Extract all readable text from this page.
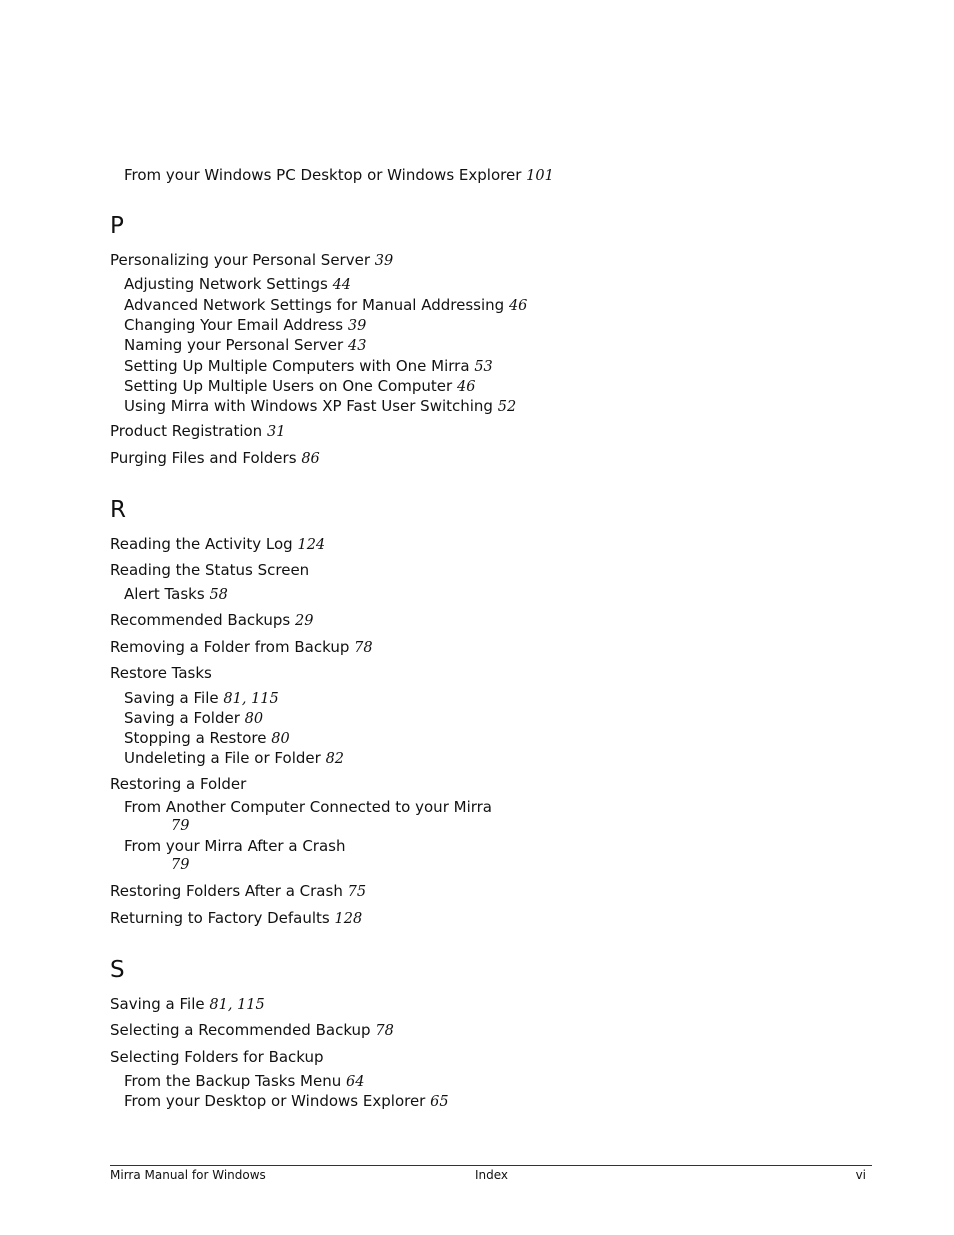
From your Windows PC Desktop or Windows Explorer 101
P
Personalizing your Personal Server 39
Adjusting Network Settings 44
Advanced Network Settings for Manual Addressing 46
Changing Your Email Address 39
Naming your Personal Server 43
Setting Up Multiple Computers with One Mirra 53
Setting Up Multiple Users on One Computer 46
Using Mirra with Windows XP Fast User Switching 52
Product Registration 31
Purging Files and Folders 86
R
Reading the Activity Log 124
Reading the Status Screen
Alert Tasks 58
Recommended Backups 29
Removing a Folder from Backup 78
Restore Tasks
Saving a File 81, 115
Saving a Folder 80
Stopping a Restore 80
Undeleting a File or Folder 82
Restoring a Folder
From Another Computer Connected to your Mirra
79
From your Mirra After a Crash
79
Restoring Folders After a Crash 75
Returning to Factory Defaults 128
S
Saving a File 81, 115
Selecting a Recommended Backup 78
Selecting Folders for Backup
From the Backup Tasks Menu 64
From your Desktop or Windows Explorer 65
Mirra Manual for Windows	Index	vi
